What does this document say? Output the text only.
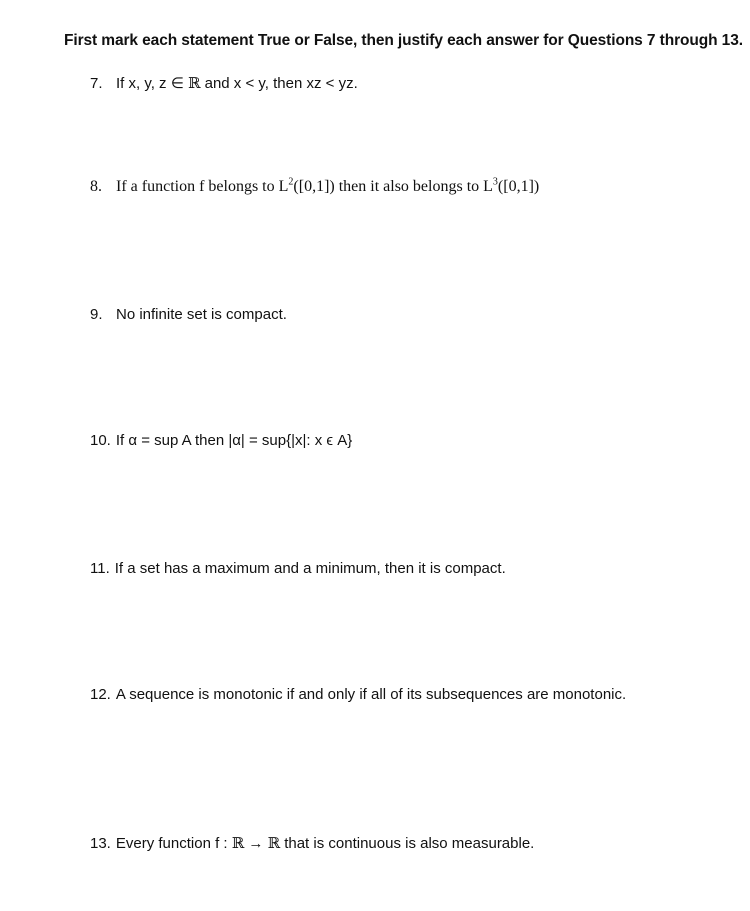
First mark each statement True or False, then justify each answer for Questions 7 through 13.
7. If x, y, z ∈ ℝ and x < y, then xz < yz.
8. If a function f belongs to $L^2([0,1])$ then it also belongs to $L^3([0,1])$
9. No infinite set is compact.
10. If α = sup A then |α| = sup{|x|: x ϵ A}
11. If a set has a maximum and a minimum, then it is compact.
12. A sequence is monotonic if and only if all of its subsequences are monotonic.
13. Every function f : ℝ → ℝ that is continuous is also measurable.
